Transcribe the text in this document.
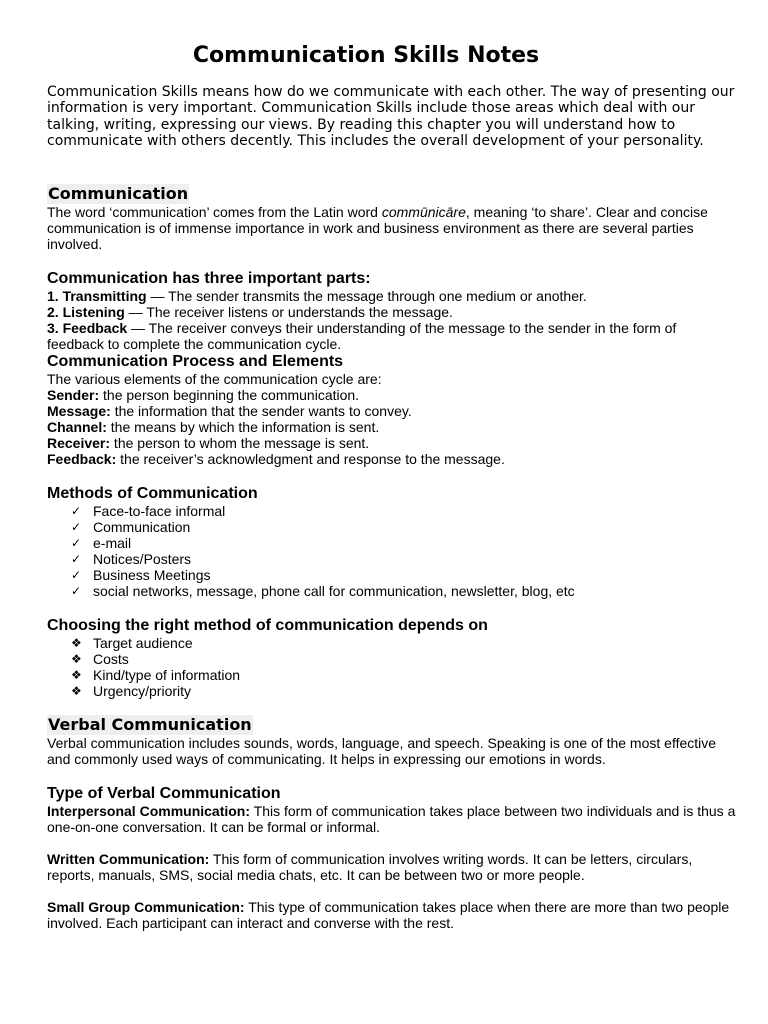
Communication Skills Notes

Communication Skills means how do we communicate with each other. The way of presenting our information is very important. Communication Skills include those areas which deal with our talking, writing, expressing our views. By reading this chapter you will understand how to communicate with others decently. This includes the overall development of your personality.

Communication
The word ‘communication’ comes from the Latin word commūnicāre, meaning ‘to share’. Clear and concise communication is of immense importance in work and business environment as there are several parties involved.
Communication has three important parts:

1. Transmitting — The sender transmits the message through one medium or another.

2. Listening — The receiver listens or understands the message.

3. Feedback — The receiver conveys their understanding of the message to the sender in the form of feedback to complete the communication cycle.

Communication Process and Elements

The various elements of the communication cycle are:

Sender: the person beginning the communication.

Message: the information that the sender wants to convey.

Channel: the means by which the information is sent.

Receiver: the person to whom the message is sent.

Feedback: the receiver’s acknowledgment and response to the message.

Methods of Communication
✓ Face-to-face informal
✓ Communication
✓ e-mail
✓ Notices/Posters
✓ Business Meetings
✓ social networks, message, phone call for communication, newsletter, blog, etc
Choosing the right method of communication depends on
❖ Target audience
❖ Costs
❖ Kind/type of information
❖ Urgency/priority
Verbal Communication
Verbal communication includes sounds, words, language, and speech. Speaking is one of the most effective and commonly used ways of communicating. It helps in expressing our emotions in words.
Type of Verbal Communication

Interpersonal Communication: This form of communication takes place between two individuals and is thus a one-on-one conversation. It can be formal or informal.

Written Communication: This form of communication involves writing words. It can be letters, circulars, reports, manuals, SMS, social media chats, etc. It can be between two or more people.

Small Group Communication: This type of communication takes place when there are more than two people involved. Each participant can interact and converse with the rest.
